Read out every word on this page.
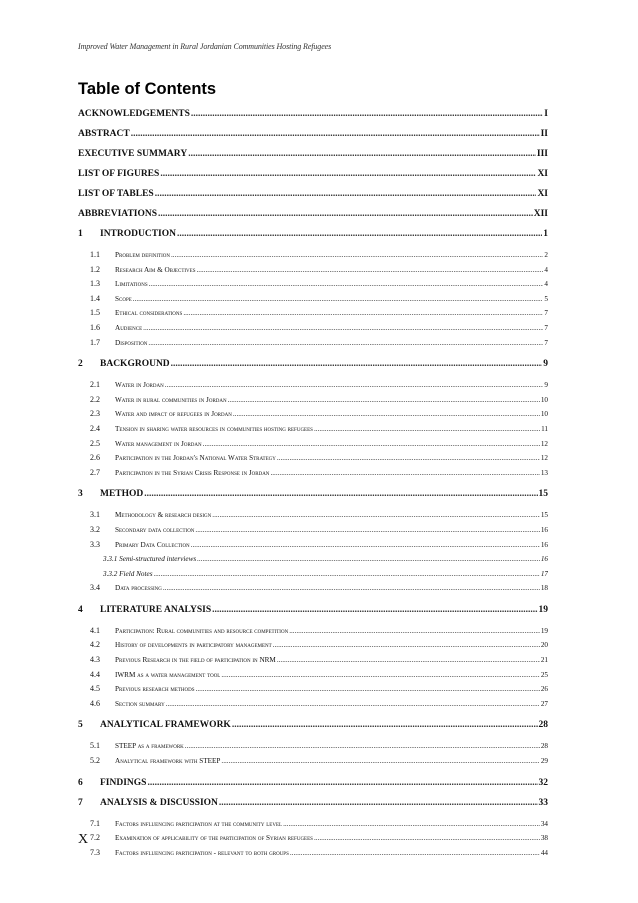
Improved Water Management in Rural Jordanian Communities Hosting Refugees
Table of Contents
ACKNOWLEDGEMENTS .....	I
ABSTRACT .....	II
EXECUTIVE SUMMARY .....	III
LIST OF FIGURES .....	XI
LIST OF TABLES .....	XI
ABBREVIATIONS .....	XII
1 INTRODUCTION .....	1
1.1 Problem definition .....	2
1.2 Research Aim & Objectives .....	4
1.3 Limitations .....	4
1.4 Scope .....	5
1.5 Ethical considerations .....	7
1.6 Audience .....	7
1.7 Disposition .....	7
2 BACKGROUND .....	9
2.1 Water in Jordan .....	9
2.2 Water in rural communities in Jordan .....	10
2.3 Water and impact of refugees in Jordan .....	10
2.4 Tension in sharing water resources in communities hosting refugees .....	11
2.5 Water management in Jordan .....	12
2.6 Participation in the Jordan's National Water Strategy .....	12
2.7 Participation in the Syrian Crisis Response in Jordan .....	13
3 METHOD .....	15
3.1 Methodology & research design .....	15
3.2 Secondary data collection .....	16
3.3 Primary Data Collection .....	16
3.3.1 Semi-structured interviews .....	16
3.3.2 Field Notes .....	17
3.4 Data processing .....	18
4 LITERATURE ANALYSIS .....	19
4.1 Participation: Rural communities and resource competition .....	19
4.2 History of developments in participatory management .....	20
4.3 Previous Research in the field of participation in NRM .....	21
4.4 IWRM as a water management tool .....	25
4.5 Previous research methods .....	26
4.6 Section summary .....	27
5 ANALYTICAL FRAMEWORK .....	28
5.1 STEEP as a framework .....	28
5.2 Analytical framework with STEEP .....	29
6 FINDINGS .....	32
7 ANALYSIS & DISCUSSION .....	33
7.1 Factors influencing participation at the community level .....	34
7.2 Examination of applicability of the participation of Syrian refugees .....	38
7.3 Factors influencing participation - relevant to both groups .....	44
X
